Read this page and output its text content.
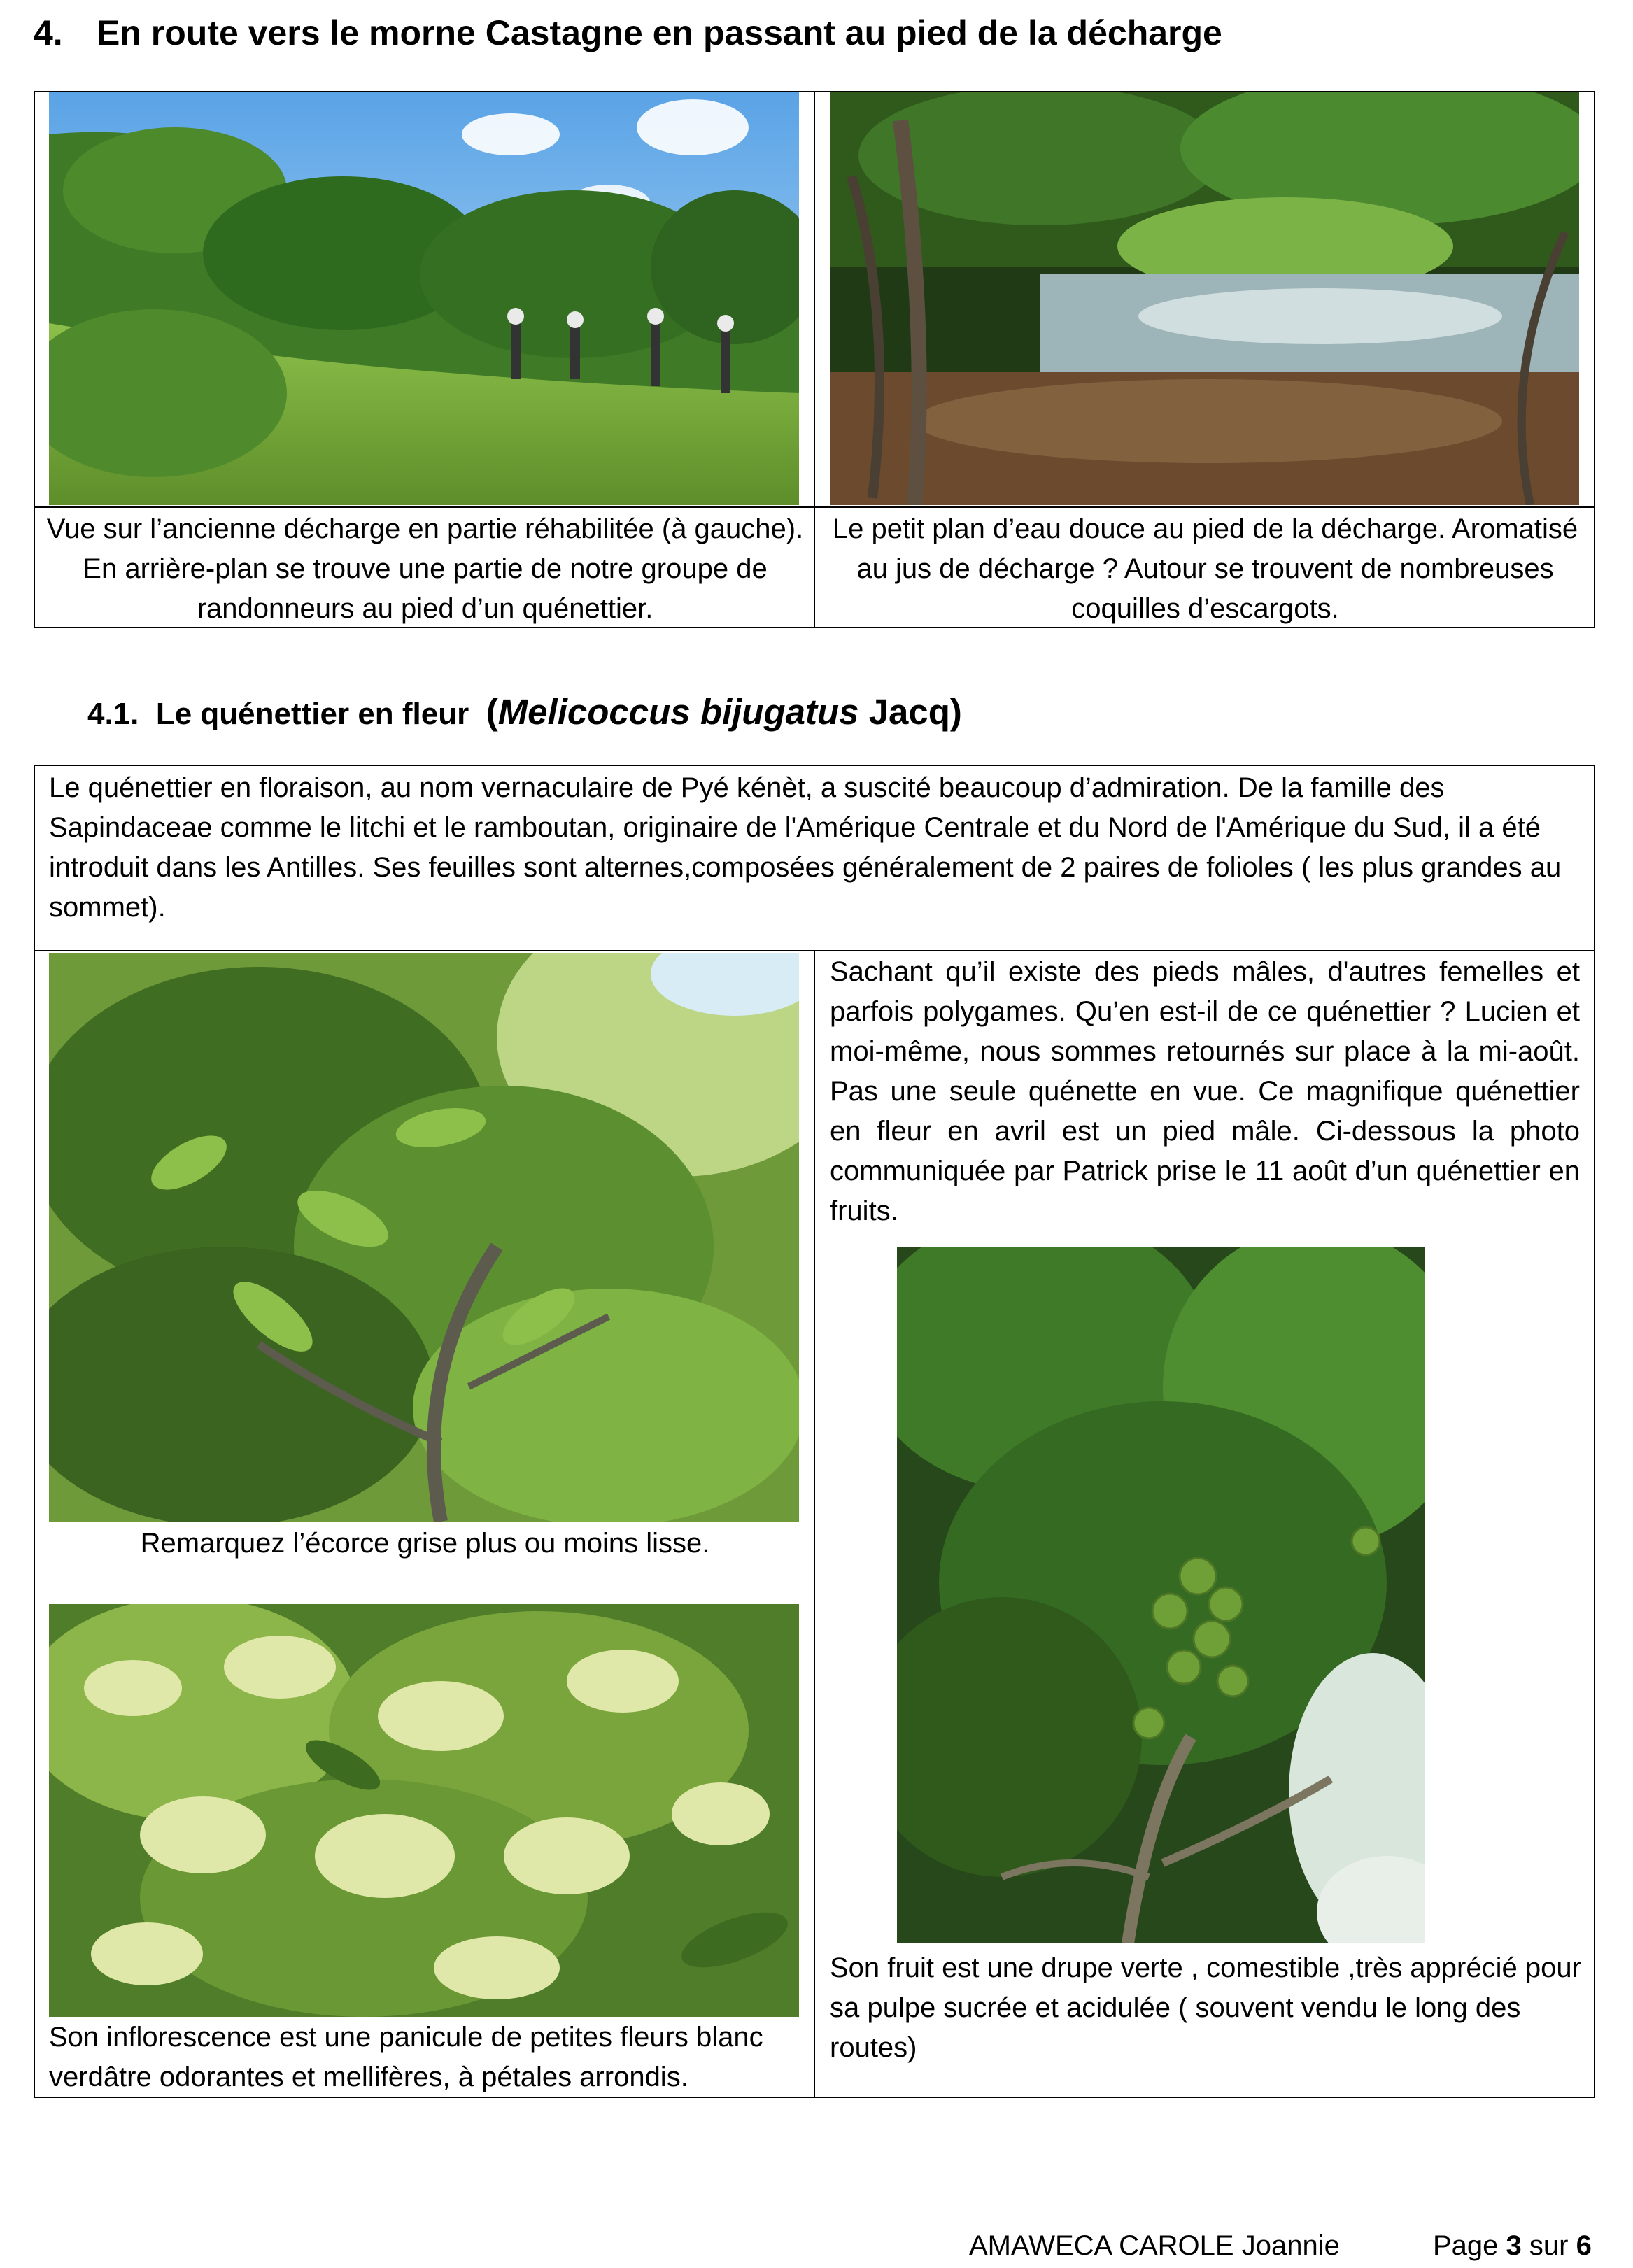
4. En route vers le morne Castagne en passant au pied de la décharge
Vue sur l’ancienne décharge en partie réhabilitée (à gauche). En arrière-plan se trouve une partie de notre groupe de randonneurs au pied d’un quénettier.
Le petit plan d’eau douce au pied de la décharge. Aromatisé au jus de décharge ? Autour se trouvent de nombreuses coquilles d’escargots.
4.1. Le quénettier en fleur (Melicoccus bijugatus Jacq)
Le quénettier en floraison, au nom vernaculaire de Pyé kénèt, a suscité beaucoup d’admiration. De la famille des Sapindaceae comme le litchi et le ramboutan, originaire de l'Amérique Centrale et du Nord de l'Amérique du Sud, il a été introduit dans les Antilles. Ses feuilles sont alternes,composées généralement de 2 paires de folioles ( les plus grandes au sommet).
Remarquez l’écorce grise plus ou moins lisse.
Son inflorescence est une panicule de petites fleurs blanc verdâtre odorantes et mellifères, à pétales arrondis.
Sachant qu’il existe des pieds mâles, d'autres femelles et parfois polygames. Qu’en est-il de ce quénettier ? Lucien et moi-même, nous sommes retournés sur place à la mi-août. Pas une seule quénette en vue. Ce magnifique quénettier en fleur en avril est un pied mâle. Ci-dessous la photo communiquée par Patrick prise le 11 août d’un quénettier en fruits.
Son fruit est une drupe verte , comestible ,très apprécié pour sa pulpe sucrée et acidulée ( souvent vendu le long des routes)
AMAWECA CAROLE Joannie	Page 3 sur 6
